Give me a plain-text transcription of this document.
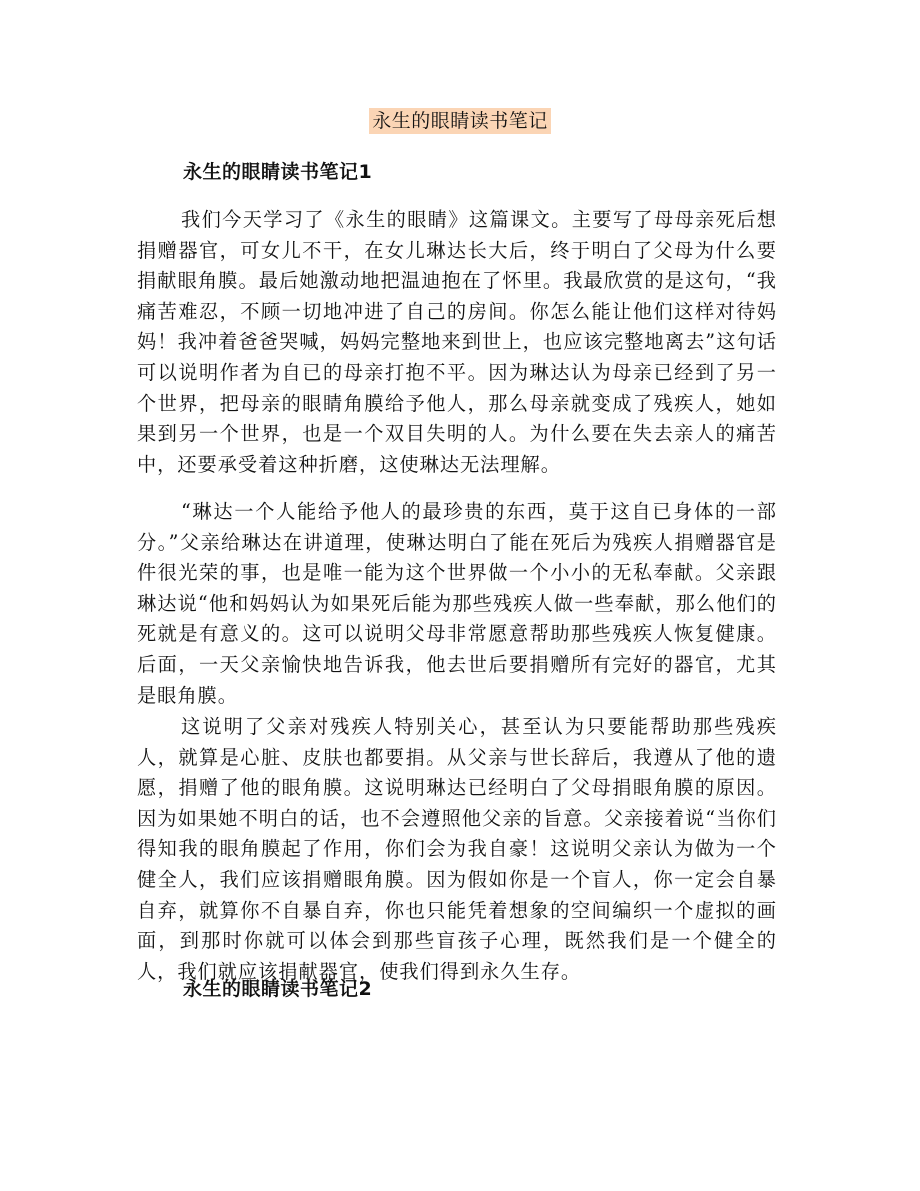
永生的眼睛读书笔记
永生的眼睛读书笔记1

我们今天学习了《永生的眼睛》这篇课文。主要写了母母亲死后想捐赠器官，可女儿不干，在女儿琳达长大后，终于明白了父母为什么要捐献眼角膜。最后她激动地把温迪抱在了怀里。我最欣赏的是这句，“我痛苦难忍，不顾一切地冲进了自己的房间。你怎么能让他们这样对待妈妈！我冲着爸爸哭喊，妈妈完整地来到世上，也应该完整地离去”这句话可以说明作者为自已的母亲打抱不平。因为琳达认为母亲已经到了另一个世界，把母亲的眼睛角膜给予他人，那么母亲就变成了残疾人，她如果到另一个世界，也是一个双目失明的人。为什么要在失去亲人的痛苦中，还要承受着这种折磨，这使琳达无法理解。

“琳达一个人能给予他人的最珍贵的东西，莫于这自已身体的一部分。”父亲给琳达在讲道理，使琳达明白了能在死后为残疾人捐赠器官是件很光荣的事，也是唯一能为这个世界做一个小小的无私奉献。父亲跟琳达说“他和妈妈认为如果死后能为那些残疾人做一些奉献，那么他们的死就是有意义的。这可以说明父母非常愿意帮助那些残疾人恢复健康。后面，一天父亲愉快地告诉我，他去世后要捐赠所有完好的器官，尤其是眼角膜。

这说明了父亲对残疾人特别关心，甚至认为只要能帮助那些残疾人，就算是心脏、皮肤也都要捐。从父亲与世长辞后，我遵从了他的遗愿，捐赠了他的眼角膜。这说明琳达已经明白了父母捐眼角膜的原因。因为如果她不明白的话，也不会遵照他父亲的旨意。父亲接着说“当你们得知我的眼角膜起了作用，你们会为我自豪！这说明父亲认为做为一个健全人，我们应该捐赠眼角膜。因为假如你是一个盲人，你一定会自暴自弃，就算你不自暴自弃，你也只能凭着想象的空间编织一个虚拟的画面，到那时你就可以体会到那些盲孩子心理，既然我们是一个健全的人，我们就应该捐献器官，使我们得到永久生存。

永生的眼睛读书笔记2
